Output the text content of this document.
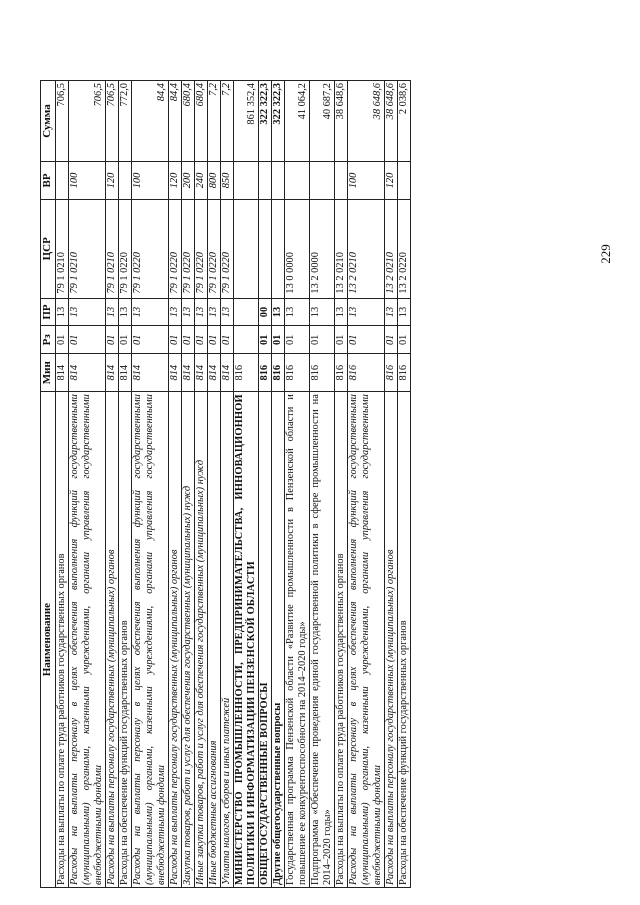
229
Наименование	Мин	Рз	ПР	ЦСР	ВР	Сумма
Расходы на выплаты по оплате труда работников государственных органов	814	01	13	79 1 0210		706,5
Расходы на выплаты персоналу в целях обеспечения выполнения функций государственными (муниципальными) органами, казенными учреждениями, органами управления государственными внебюджетными фондами	814	01	13	79 1 0210	100	706,5
Расходы на выплаты персоналу государственных (муниципальных) органов	814	01	13	79 1 0210	120	706,5
Расходы на обеспечение функций государственных органов	814	01	13	79 1 0220		772,0
Расходы на выплаты персоналу в целях обеспечения выполнения функций государственными (муниципальными) органами, казенными учреждениями, органами управления государственными внебюджетными фондами	814	01	13	79 1 0220	100	84,4
Расходы на выплаты персоналу государственных (муниципальных) органов	814	01	13	79 1 0220	120	84,4
Закупка товаров, работ и услуг для обеспечения государственных (муниципальных) нужд	814	01	13	79 1 0220	200	680,4
Иные закупки товаров, работ и услуг для обеспечения государственных (муниципальных) нужд	814	01	13	79 1 0220	240	680,4
Иные бюджетные ассигнования	814	01	13	79 1 0220	800	7,2
Уплата налогов, сборов и иных платежей	814	01	13	79 1 0220	850	7,2
МИНИСТЕРСТВО ПРОМЫШЛЕННОСТИ, ПРЕДПРИНИМАТЕЛЬСТВА, ИННОВАЦИОННОЙ ПОЛИТИКИ И ИНФОРМАТИЗАЦИИ ПЕНЗЕНСКОЙ ОБЛАСТИ	816					861 352,4
ОБЩЕГОСУДАРСТВЕННЫЕ ВОПРОСЫ	816	01	00			322 322,3
Другие общегосударственные вопросы	816	01	13			322 322,3
Государственная программа Пензенской области «Развитие промышленности в Пензенской области и повышение ее конкурентоспособности на 2014–2020 годы»	816	01	13	13 0 0000		41 064,2
Подпрограмма «Обеспечение проведения единой государственной политики в сфере промышленности на 2014–2020 годы»	816	01	13	13 2 0000		40 687,2
Расходы на выплаты по оплате труда работников государственных органов	816	01	13	13 2 0210		38 648,6
Расходы на выплаты персоналу в целях обеспечения выполнения функций государственными (муниципальными) органами, казенными учреждениями, органами управления государственными внебюджетными фондами	816	01	13	13 2 0210	100	38 648,6
Расходы на выплаты персоналу государственных (муниципальных) органов	816	01	13	13 2 0210	120	38 648,6
Расходы на обеспечение функций государственных органов	816	01	13	13 2 0220		2 038,6
